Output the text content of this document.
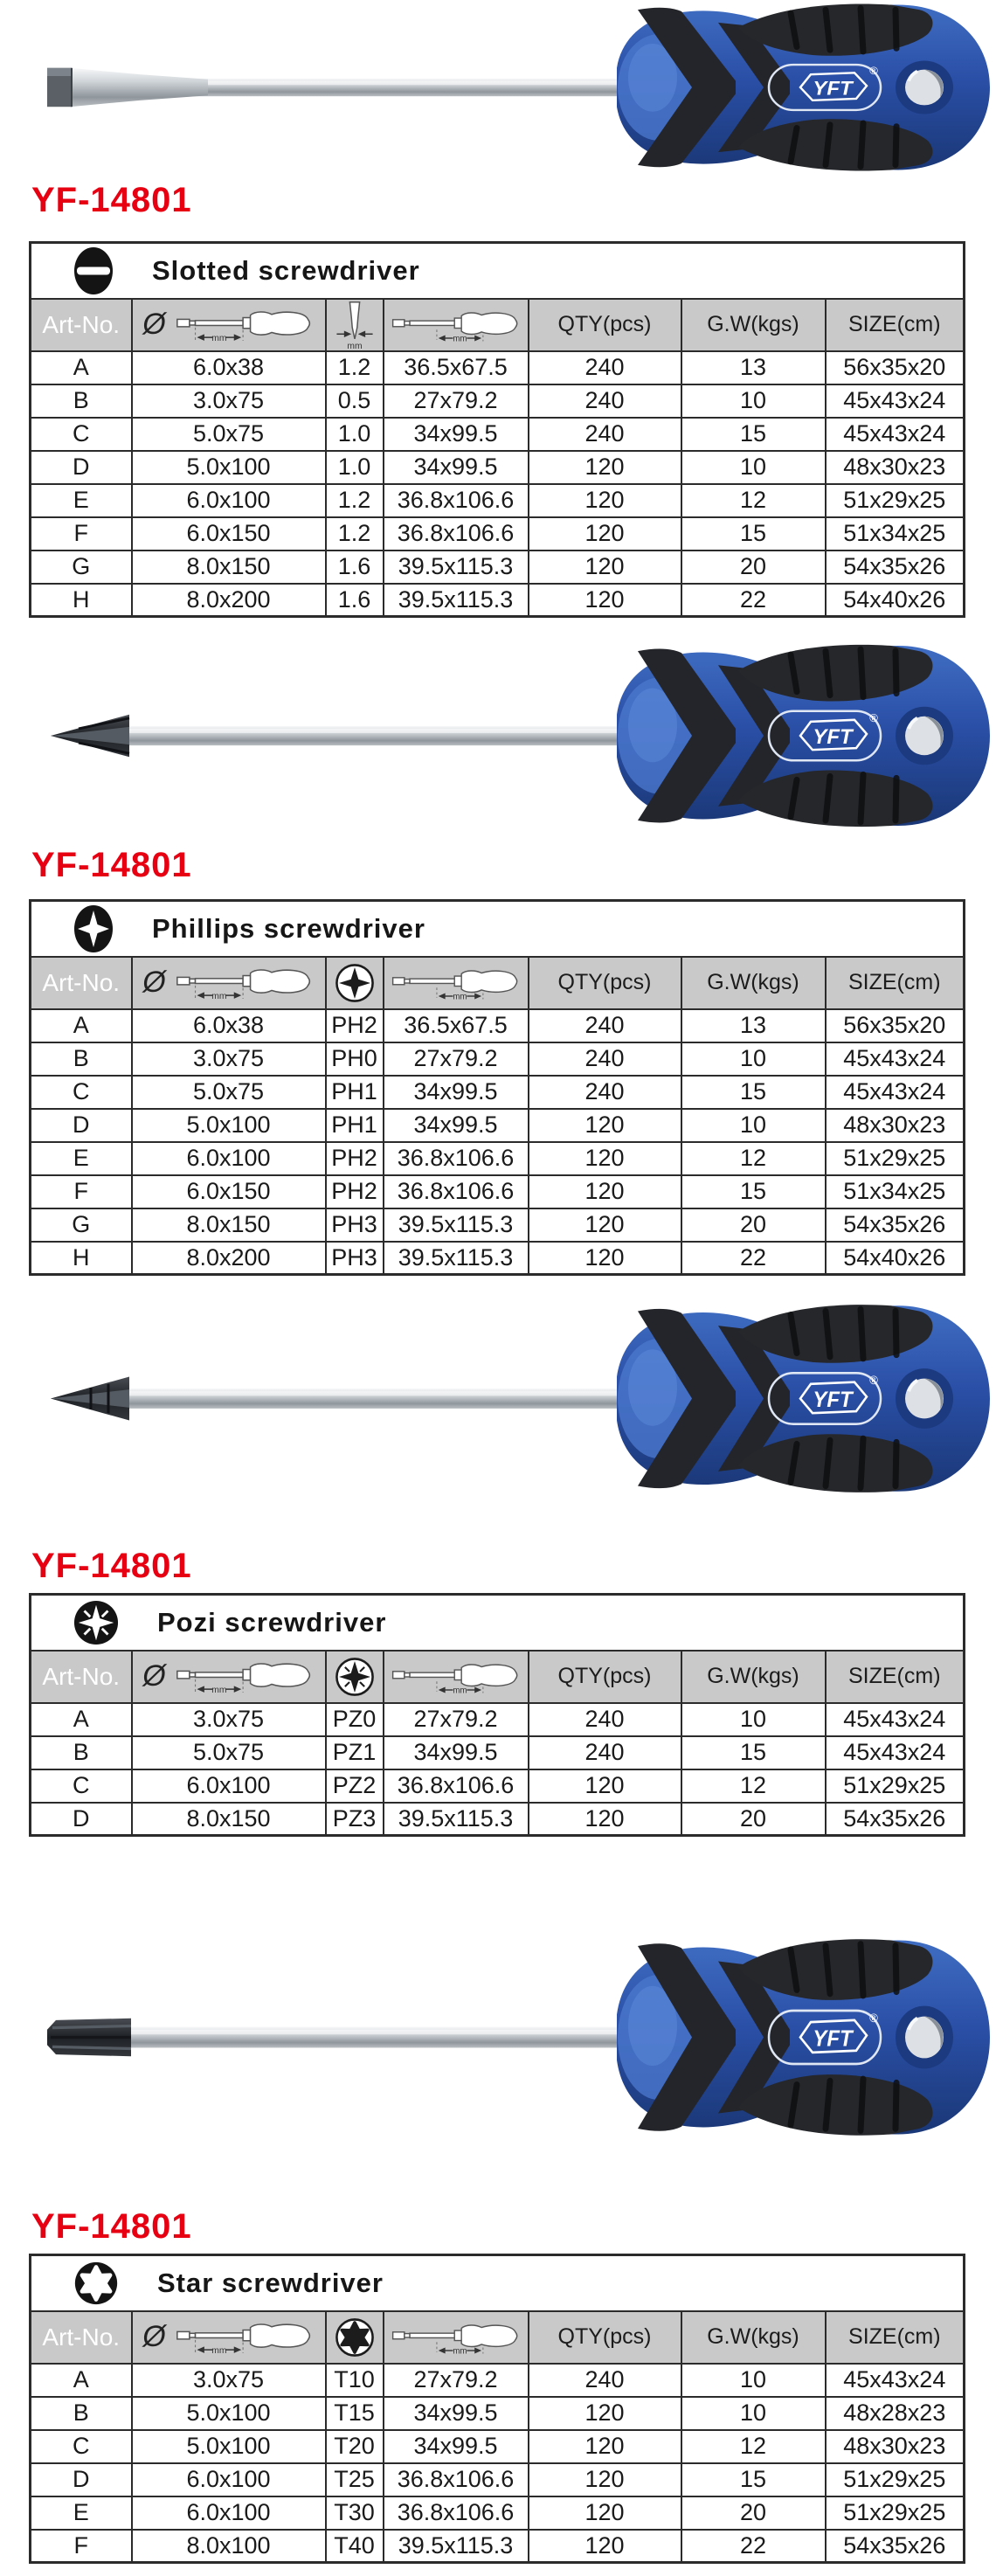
YF-14801
Slotted screwdriver						

Art-No.	Ø mm	mm	mm	QTY(pcs)	G.W(kgs)	SIZE(cm)
A	6.0x38	1.2	36.5x67.5	240	13	56x35x20
B	3.0x75	0.5	27x79.2	240	10	45x43x24
C	5.0x75	1.0	34x99.5	240	15	45x43x24
D	5.0x100	1.0	34x99.5	120	10	48x30x23
E	6.0x100	1.2	36.8x106.6	120	12	51x29x25
F	6.0x150	1.2	36.8x106.6	120	15	51x34x25
G	8.0x150	1.6	39.5x115.3	120	20	54x35x26
H	8.0x200	1.6	39.5x115.3	120	22	54x40x26
YF-14801
Phillips screwdriver						

Art-No.	Ø mm		mm	QTY(pcs)	G.W(kgs)	SIZE(cm)
A	6.0x38	PH2	36.5x67.5	240	13	56x35x20
B	3.0x75	PH0	27x79.2	240	10	45x43x24
C	5.0x75	PH1	34x99.5	240	15	45x43x24
D	5.0x100	PH1	34x99.5	120	10	48x30x23
E	6.0x100	PH2	36.8x106.6	120	12	51x29x25
F	6.0x150	PH2	36.8x106.6	120	15	51x34x25
G	8.0x150	PH3	39.5x115.3	120	20	54x35x26
H	8.0x200	PH3	39.5x115.3	120	22	54x40x26
YF-14801
Pozi screwdriver						

Art-No.	Ø mm		mm	QTY(pcs)	G.W(kgs)	SIZE(cm)
A	3.0x75	PZ0	27x79.2	240	10	45x43x24
B	5.0x75	PZ1	34x99.5	240	15	45x43x24
C	6.0x100	PZ2	36.8x106.6	120	12	51x29x25
D	8.0x150	PZ3	39.5x115.3	120	20	54x35x26
YF-14801
Star screwdriver						

Art-No.	Ø mm		mm	QTY(pcs)	G.W(kgs)	SIZE(cm)
A	3.0x75	T10	27x79.2	240	10	45x43x24
B	5.0x100	T15	34x99.5	120	10	48x28x23
C	5.0x100	T20	34x99.5	120	12	48x30x23
D	6.0x100	T25	36.8x106.6	120	15	51x29x25
E	6.0x100	T30	36.8x106.6	120	20	51x29x25
F	8.0x100	T40	39.5x115.3	120	22	54x35x26
